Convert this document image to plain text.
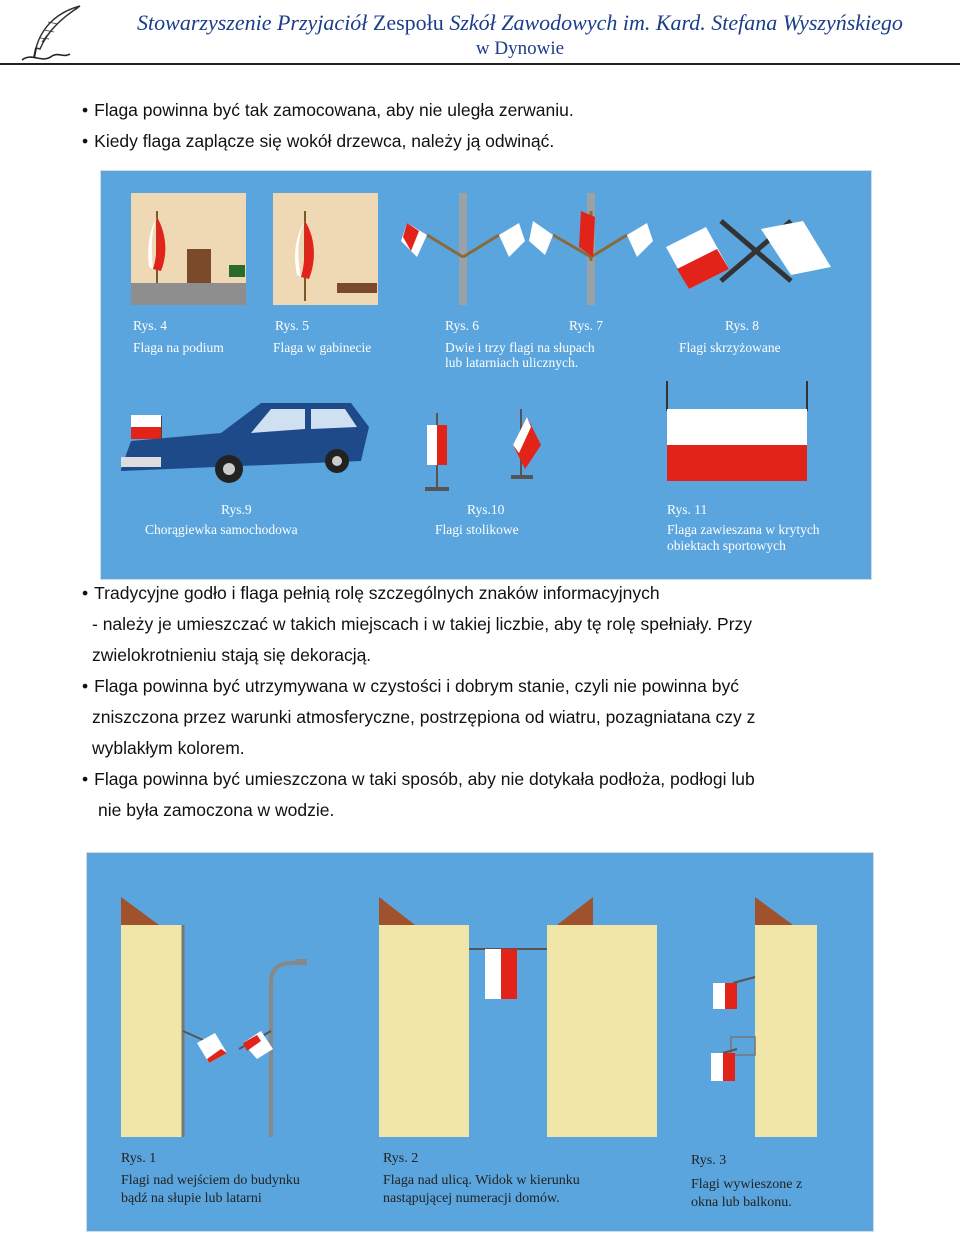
Stowarzyszenie Przyjaciół Zespołu Szkół Zawodowych im. Kard. Stefana Wyszyńskiego
w Dynowie
• Flaga powinna być tak zamocowana, aby nie uległa zerwaniu.
• Kiedy flaga zaplącze się wokół drzewca, należy ją odwinąć.
Rys. 4
Flaga na podium
Rys. 5
Flaga w gabinecie
Rys. 6	Rys. 7
Dwie i trzy flagi na słupach
lub latarniach ulicznych.
Rys. 8
Flagi skrzyżowane
Rys.9
Chorągiewka samochodowa
Rys.10
Flagi stolikowe
Rys. 11
Flaga zawieszana w krytych
obiektach sportowych
• Tradycyjne godło i flaga pełnią rolę szczególnych znaków informacyjnych
- należy je umieszczać w takich miejscach i w takiej liczbie, aby tę rolę spełniały. Przy
zwielokrotnieniu stają się dekoracją.
• Flaga powinna być utrzymywana w czystości i dobrym stanie, czyli nie powinna być
zniszczona przez warunki atmosferyczne, postrzępiona od wiatru, pozagniatana czy z
wyblakłym kolorem.
• Flaga powinna być umieszczona w taki sposób, aby nie dotykała podłoża, podłogi lub
nie była zamoczona w wodzie.
Rys. 1
Flagi nad wejściem do budynku
bądź na słupie lub latarni
Rys. 2
Flaga nad ulicą. Widok w kierunku
nastąpującej numeracji domów.
Rys. 3
Flagi wywieszone z
okna lub balkonu.
